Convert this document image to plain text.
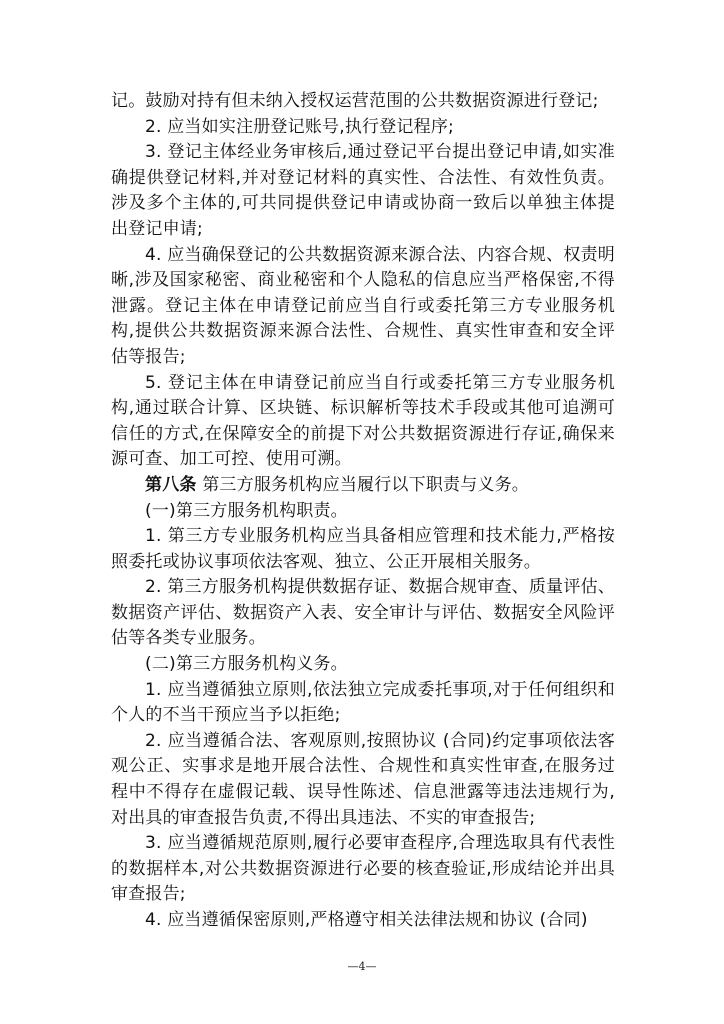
记。鼓励对持有但未纳入授权运营范围的公共数据资源进行登记;

2. 应当如实注册登记账号,执行登记程序;

3. 登记主体经业务审核后,通过登记平台提出登记申请,如实准确提供登记材料,并对登记材料的真实性、合法性、有效性负责。涉及多个主体的,可共同提供登记申请或协商一致后以单独主体提出登记申请;

4. 应当确保登记的公共数据资源来源合法、内容合规、权责明晰,涉及国家秘密、商业秘密和个人隐私的信息应当严格保密,不得泄露。登记主体在申请登记前应当自行或委托第三方专业服务机构,提供公共数据资源来源合法性、合规性、真实性审查和安全评估等报告;

5. 登记主体在申请登记前应当自行或委托第三方专业服务机构,通过联合计算、区块链、标识解析等技术手段或其他可追溯可信任的方式,在保障安全的前提下对公共数据资源进行存证,确保来源可查、加工可控、使用可溯。

第八条 第三方服务机构应当履行以下职责与义务。

(一)第三方服务机构职责。

1. 第三方专业服务机构应当具备相应管理和技术能力,严格按照委托或协议事项依法客观、独立、公正开展相关服务。

2. 第三方服务机构提供数据存证、数据合规审查、质量评估、数据资产评估、数据资产入表、安全审计与评估、数据安全风险评估等各类专业服务。

(二)第三方服务机构义务。

1. 应当遵循独立原则,依法独立完成委托事项,对于任何组织和个人的不当干预应当予以拒绝;

2. 应当遵循合法、客观原则,按照协议 (合同)约定事项依法客观公正、实事求是地开展合法性、合规性和真实性审查,在服务过程中不得存在虚假记载、误导性陈述、信息泄露等违法违规行为,对出具的审查报告负责,不得出具违法、不实的审查报告;

3. 应当遵循规范原则,履行必要审查程序,合理选取具有代表性的数据样本,对公共数据资源进行必要的核查验证,形成结论并出具审查报告;

4. 应当遵循保密原则,严格遵守相关法律法规和协议 (合同)

—4—
